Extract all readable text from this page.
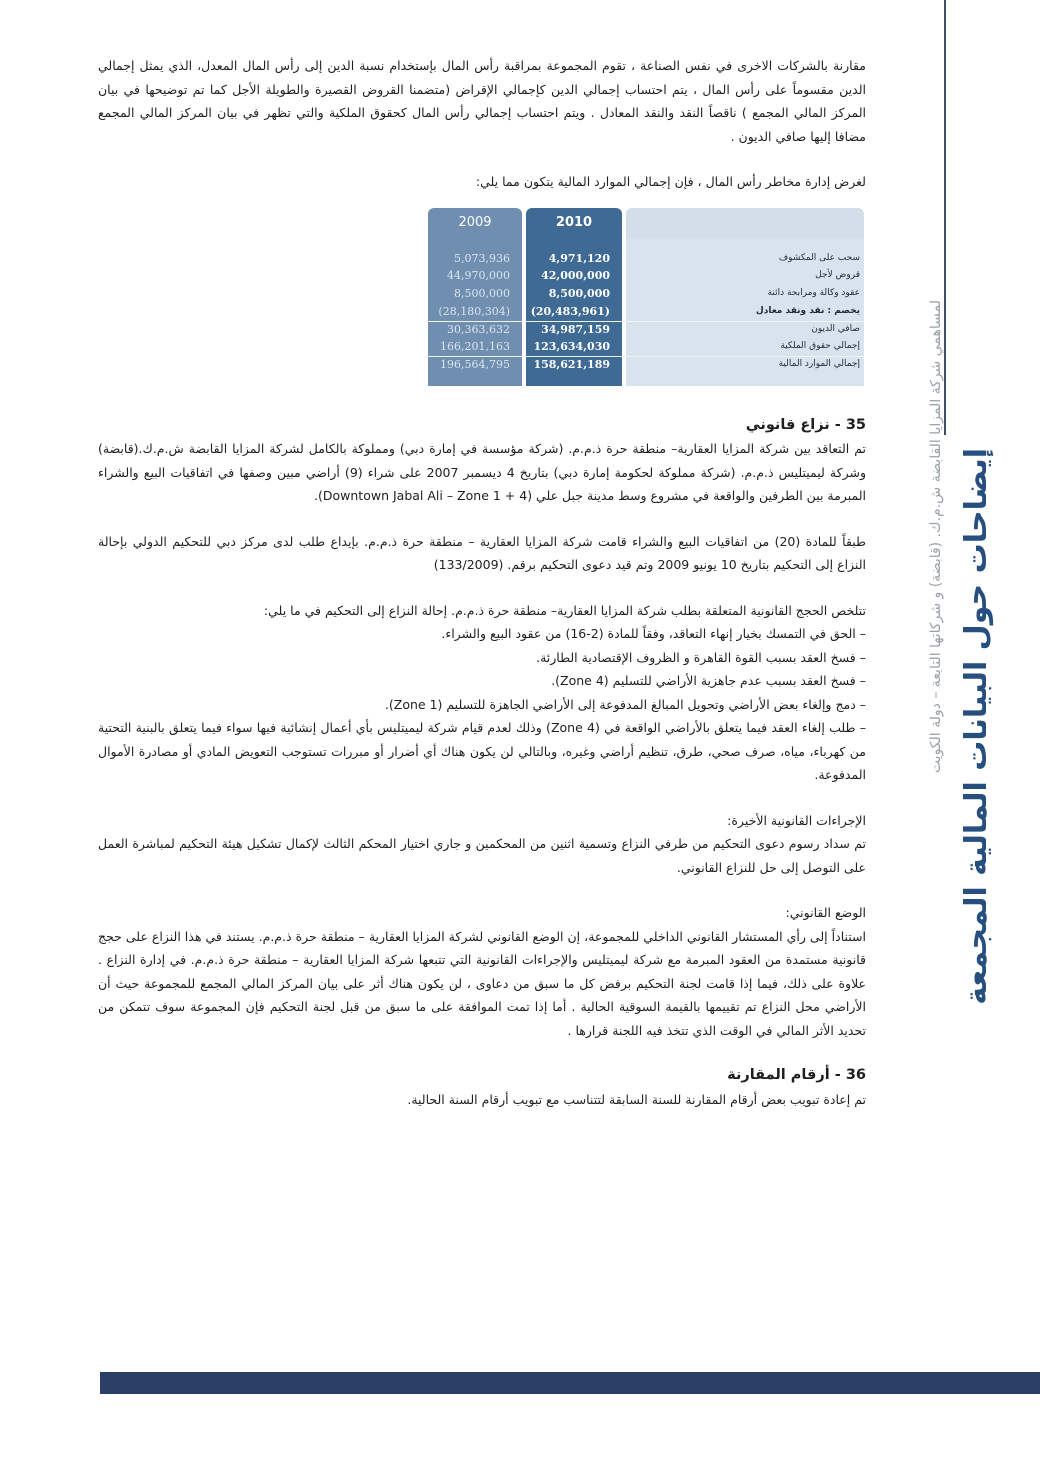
لمساهمي شركة المزايا القابضة ش.م.ك. (قابضة) و شركاتها التابعة – دولة الكويت إيضاحات حول البيانات المالية المجمعة

مقارنة بالشركات الاخرى في نفس الصناعة ، تقوم المجموعة بمراقبة رأس المال بإستخدام نسبة الدين إلى رأس المال المعدل، الذي يمثل إجمالي الدين مقسوماً على رأس المال ، يتم احتساب إجمالي الدين كإجمالي الإقراض (متضمنا القروض القصيرة والطويلة الأجل كما تم توضيحها في بيان المركز المالي المجمع ) ناقصاً النقد والنقد المعادل . ويتم احتساب إجمالي رأس المال كحقوق الملكية والتي تظهر في بيان المركز المالي المجمع مضافا إليها صافي الديون .

لغرض إدارة مخاطر رأس المال ، فإن إجمالي الموارد المالية يتكون مما يلي:

2009	2010
5,073,936	4,971,120	سحب على المكشوف
44,970,000	42,000,000	قروض لأجل
8,500,000	8,500,000	عقود وكالة ومرابحة دائنة
(28,180,304)	(20,483,961)	يخصم : نقد ونقد معادل
30,363,632	34,987,159	صافي الديون
166,201,163	123,634,030	إجمالي حقوق الملكية
196,564,795	158,621,189	إجمالي الموارد المالية

35 - نزاع قانوني

تم التعاقد بين شركة المزايا العقارية– منطقة حرة ذ.م.م. (شركة مؤسسة في إمارة دبي) ومملوكة بالكامل لشركة المزايا القابضة ش.م.ك.(قابضة) وشركة ليميتليس ذ.م.م. (شركة مملوكة لحكومة إمارة دبي) بتاريخ 4 ديسمبر 2007 على شراء (9) أراضي مبين وصفها في اتفاقيات البيع والشراء المبرمة بين الطرفين والواقعة في مشروع وسط مدينة جبل علي (Downtown Jabal Ali – Zone 1 + 4).

طبقاً للمادة (20) من اتفاقيات البيع والشراء قامت شركة المزايا العقارية – منطقة حرة ذ.م.م. بإيداع طلب لدى مركز دبي للتحكيم الدولي بإحالة النزاع إلى التحكيم بتاريخ 10 يونيو 2009 وتم قيد دعوى التحكيم برقم. (133/2009)

تتلخص الحجج القانونية المتعلقة بطلب شركة المزايا العقارية– منطقة حرة ذ.م.م. إحالة النزاع إلى التحكيم في ما يلي:

– الحق في التمسك بخيار إنهاء التعاقد، وفقاً للمادة (2-16) من عقود البيع والشراء.

– فسخ العقد بسبب القوة القاهرة و الظروف الإقتصادية الطارئة.

– فسخ العقد بسبب عدم جاهزية الأراضي للتسليم (Zone 4).

– دمج وإلغاء بعض الأراضي وتحويل المبالغ المدفوعة إلى الأراضي الجاهزة للتسليم (Zone 1).

– طلب إلغاء العقد فيما يتعلق بالأراضي الواقعة في (Zone 4) وذلك لعدم قيام شركة ليميتليس بأي أعمال إنشائية فيها سواء فيما يتعلق بالبنية التحتية من كهرباء، مياه، صرف صحي، طرق، تنظيم أراضي وغيره، وبالتالي لن يكون هناك أي أضرار أو مبررات تستوجب التعويض المادي أو مصادرة الأموال المدفوعة.

الإجراءات القانونية الأخيرة:

تم سداد رسوم دعوى التحكيم من طرفي النزاع وتسمية اثنين من المحكمين و جاري اختيار المحكم الثالث لإكمال تشكيل هيئة التحكيم لمباشرة العمل على التوصل إلى حل للنزاع القانوني.

الوضع القانوني:

استناداً إلى رأي المستشار القانوني الداخلي للمجموعة، إن الوضع القانوني لشركة المزايا العقارية – منطقة حرة ذ.م.م. يستند في هذا النزاع على حجج قانونية مستمدة من العقود المبرمة مع شركة ليميتليس والإجراءات القانونية التي تتبعها شركة المزايا العقارية – منطقة حرة ذ.م.م. في إدارة النزاع . علاوة على ذلك، فيما إذا قامت لجنة التحكيم برفض كل ما سبق من دعاوى ، لن يكون هناك أثر على بيان المركز المالي المجمع للمجموعة حيث أن الأراضي محل النزاع تم تقييمها بالقيمة السوقية الحالية . أما إذا تمت الموافقة على ما سبق من قبل لجنة التحكيم فإن المجموعة سوف تتمكن من تحديد الأثر المالي في الوقت الذي تتخذ فيه اللجنة قرارها .

36 - أرقام المقارنة

تم إعادة تبويب بعض أرقام المقارنة للسنة السابقة لتتناسب مع تبويب أرقام السنة الحالية.
